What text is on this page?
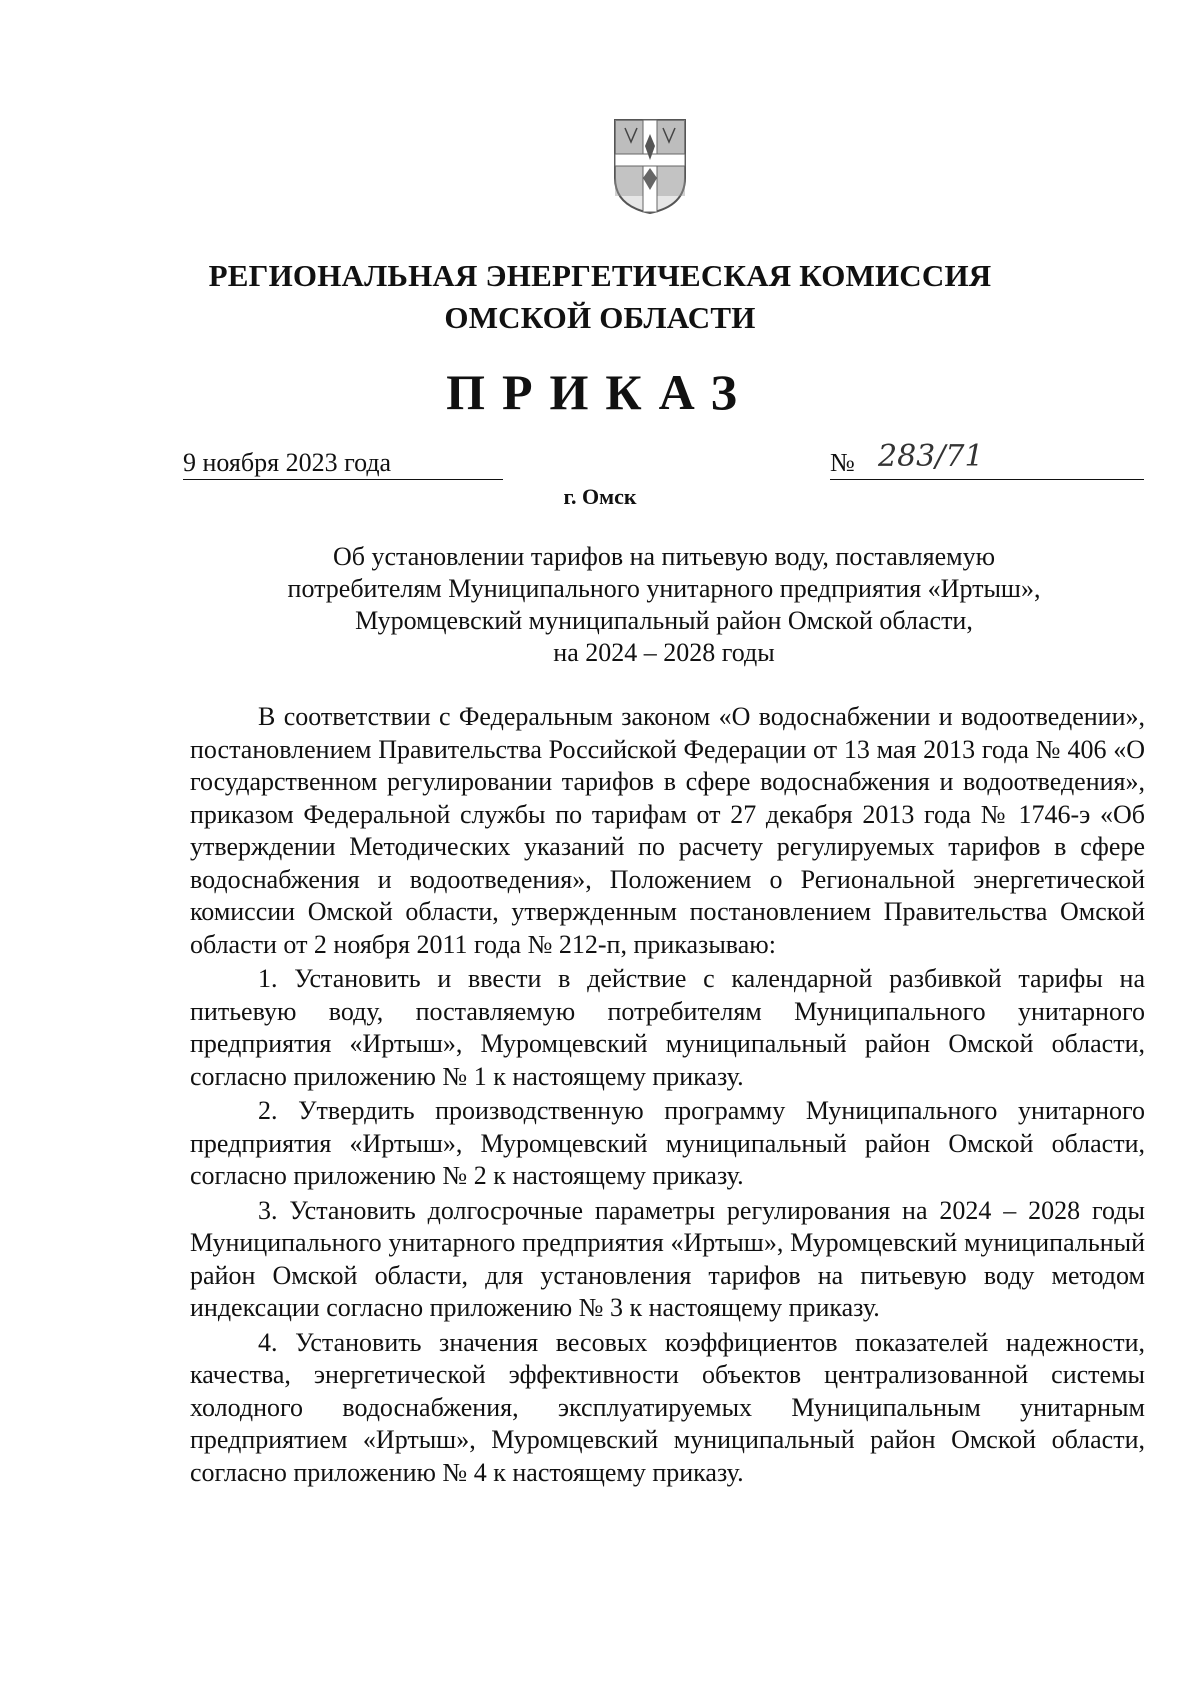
РЕГИОНАЛЬНАЯ ЭНЕРГЕТИЧЕСКАЯ КОМИССИЯ
ОМСКОЙ ОБЛАСТИ
ПРИКАЗ
9 ноября 2023 года	№ 283/71
г. Омск
Об установлении тарифов на питьевую воду, поставляемую
потребителям Муниципального унитарного предприятия «Иртыш»,
Муромцевский муниципальный район Омской области,
на 2024 – 2028 годы

В соответствии с Федеральным законом «О водоснабжении и водоотведении», постановлением Правительства Российской Федерации от 13 мая 2013 года № 406 «О государственном регулировании тарифов в сфере водоснабжения и водоотведения», приказом Федеральной службы по тарифам от 27 декабря 2013 года № 1746-э «Об утверждении Методических указаний по расчету регулируемых тарифов в сфере водоснабжения и водоотведения», Положением о Региональной энергетической комиссии Омской области, утвержденным постановлением Правительства Омской области от 2 ноября 2011 года № 212-п, приказываю:

1. Установить и ввести в действие с календарной разбивкой тарифы на питьевую воду, поставляемую потребителям Муниципального унитарного предприятия «Иртыш», Муромцевский муниципальный район Омской области, согласно приложению № 1 к настоящему приказу.

2. Утвердить производственную программу Муниципального унитарного предприятия «Иртыш», Муромцевский муниципальный район Омской области, согласно приложению № 2 к настоящему приказу.

3. Установить долгосрочные параметры регулирования на 2024 – 2028 годы Муниципального унитарного предприятия «Иртыш», Муромцевский муниципальный район Омской области, для установления тарифов на питьевую воду методом индексации согласно приложению № 3 к настоящему приказу.

4. Установить значения весовых коэффициентов показателей надежности, качества, энергетической эффективности объектов централизованной системы холодного водоснабжения, эксплуатируемых Муниципальным унитарным предприятием «Иртыш», Муромцевский муниципальный район Омской области, согласно приложению № 4 к настоящему приказу.
